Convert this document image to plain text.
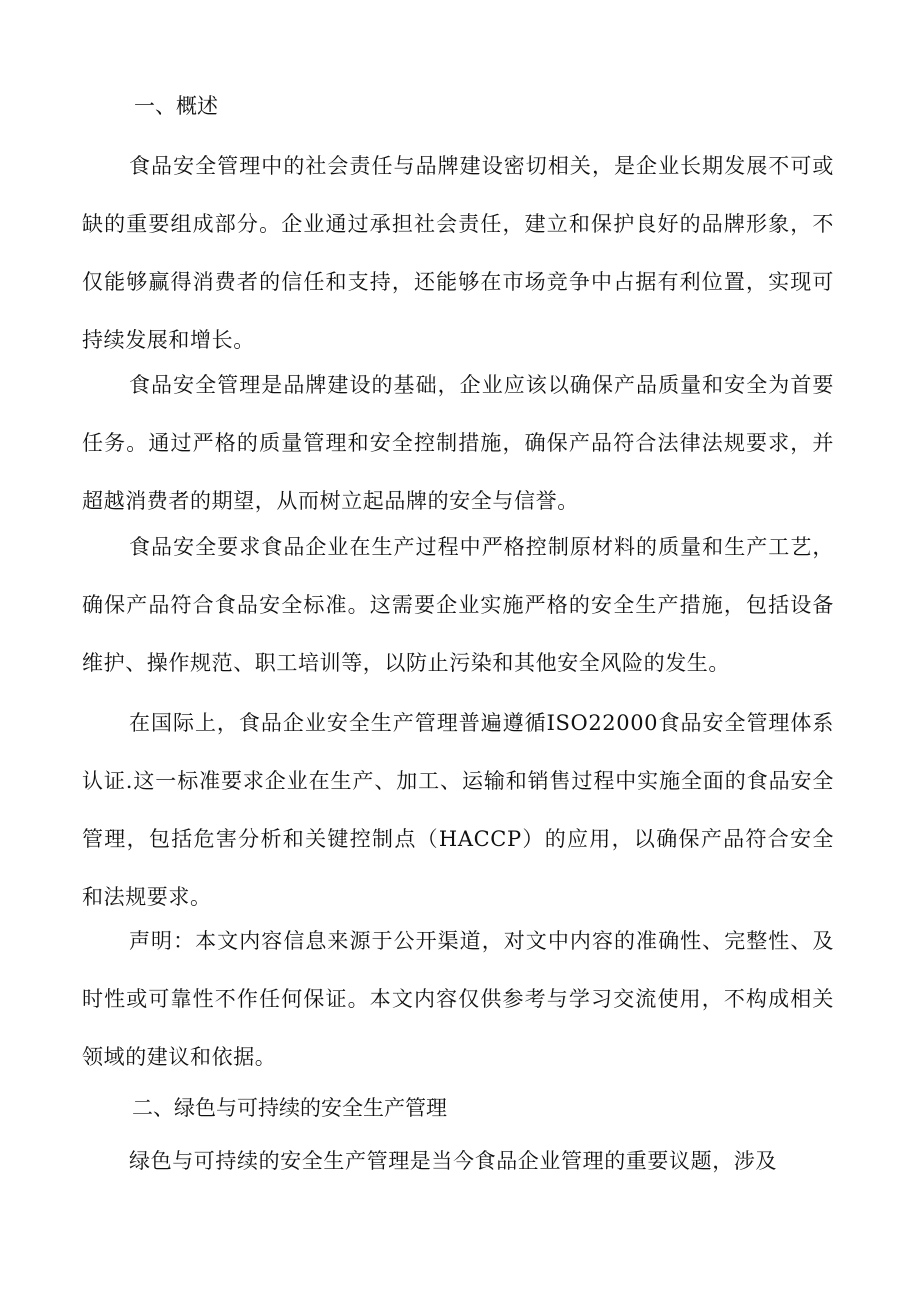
一、概述
食品安全管理中的社会责任与品牌建设密切相关，是企业长期发展不可或缺的重要组成部分。企业通过承担社会责任，建立和保护良好的品牌形象，不仅能够赢得消费者的信任和支持，还能够在市场竞争中占据有利位置，实现可持续发展和增长。
食品安全管理是品牌建设的基础，企业应该以确保产品质量和安全为首要任务。通过严格的质量管理和安全控制措施，确保产品符合法律法规要求，并超越消费者的期望，从而树立起品牌的安全与信誉。
食品安全要求食品企业在生产过程中严格控制原材料的质量和生产工艺，确保产品符合食品安全标准。这需要企业实施严格的安全生产措施，包括设备维护、操作规范、职工培训等，以防止污染和其他安全风险的发生。
在国际上，食品企业安全生产管理普遍遵循ISO22000食品安全管理体系认证.这一标准要求企业在生产、加工、运输和销售过程中实施全面的食品安全管理，包括危害分析和关键控制点（HACCP）的应用，以确保产品符合安全和法规要求。
声明：本文内容信息来源于公开渠道，对文中内容的准确性、完整性、及时性或可靠性不作任何保证。本文内容仅供参考与学习交流使用，不构成相关领域的建议和依据。
二、绿色与可持续的安全生产管理
绿色与可持续的安全生产管理是当今食品企业管理的重要议题，涉及
